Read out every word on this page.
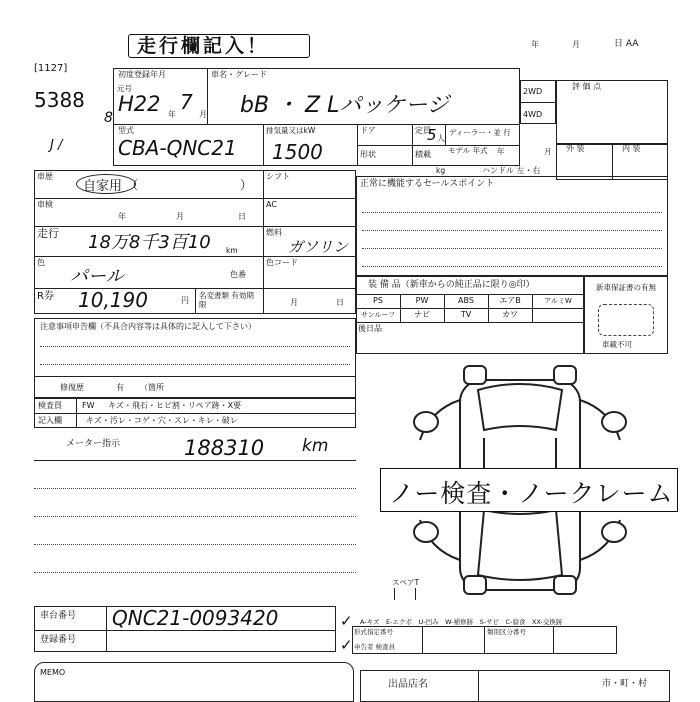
走行欄記入！	年	月	日 AA
[1127]
5388
8
J /
初度登録年月
元号
H22 年
7
月
車名・グレード
bB ・ Z Lパッケージ
型式
CBA-QNC21
排気量又はkW
1500
ドア	定員
5 人
ディーラー・並 行
形状	積載 モデル 年式 年	月
kg	ハンドル 左・右
2WD
4WD
評 価 点
外 装	内 装
車歴
自家用 （	）
シフト
車検
年	月	日
AC
走行 18万8千3百10 km
燃料
ガソリン
色
パール	色番
色コード
R券 10,190	円
名変書類 有効期限	月	日
正常に機能するセールスポイント
装 備 品（新車からの純正品に限り◎印）
PS	PW	ABS	エアB	アルミW
サンルーフ	ナビ	TV	カワ
後日品
新車保証書の有無
車載不可
注意事項申告欄（不具合内容等は具体的に記入して下さい）
修復歴	有 （箇所
検査員
記入欄
FW キズ・飛石・ヒビ割・リペア跡・X要
キズ・汚レ・コゲ・穴・スレ・キレ・破レ
メーター指示	188310 km
ノー検査・ノークレーム
スペアT
A-キズ　E-エクボ　U-凹み　W-補修跡　S-サビ　C-腐食　XX-交換跡
車台番号 QNC21-0093420
登録番号
✓
✓
形式指定番号	類別区分番号
申告者 検査員
MEMO
出品店名	市・町・村
